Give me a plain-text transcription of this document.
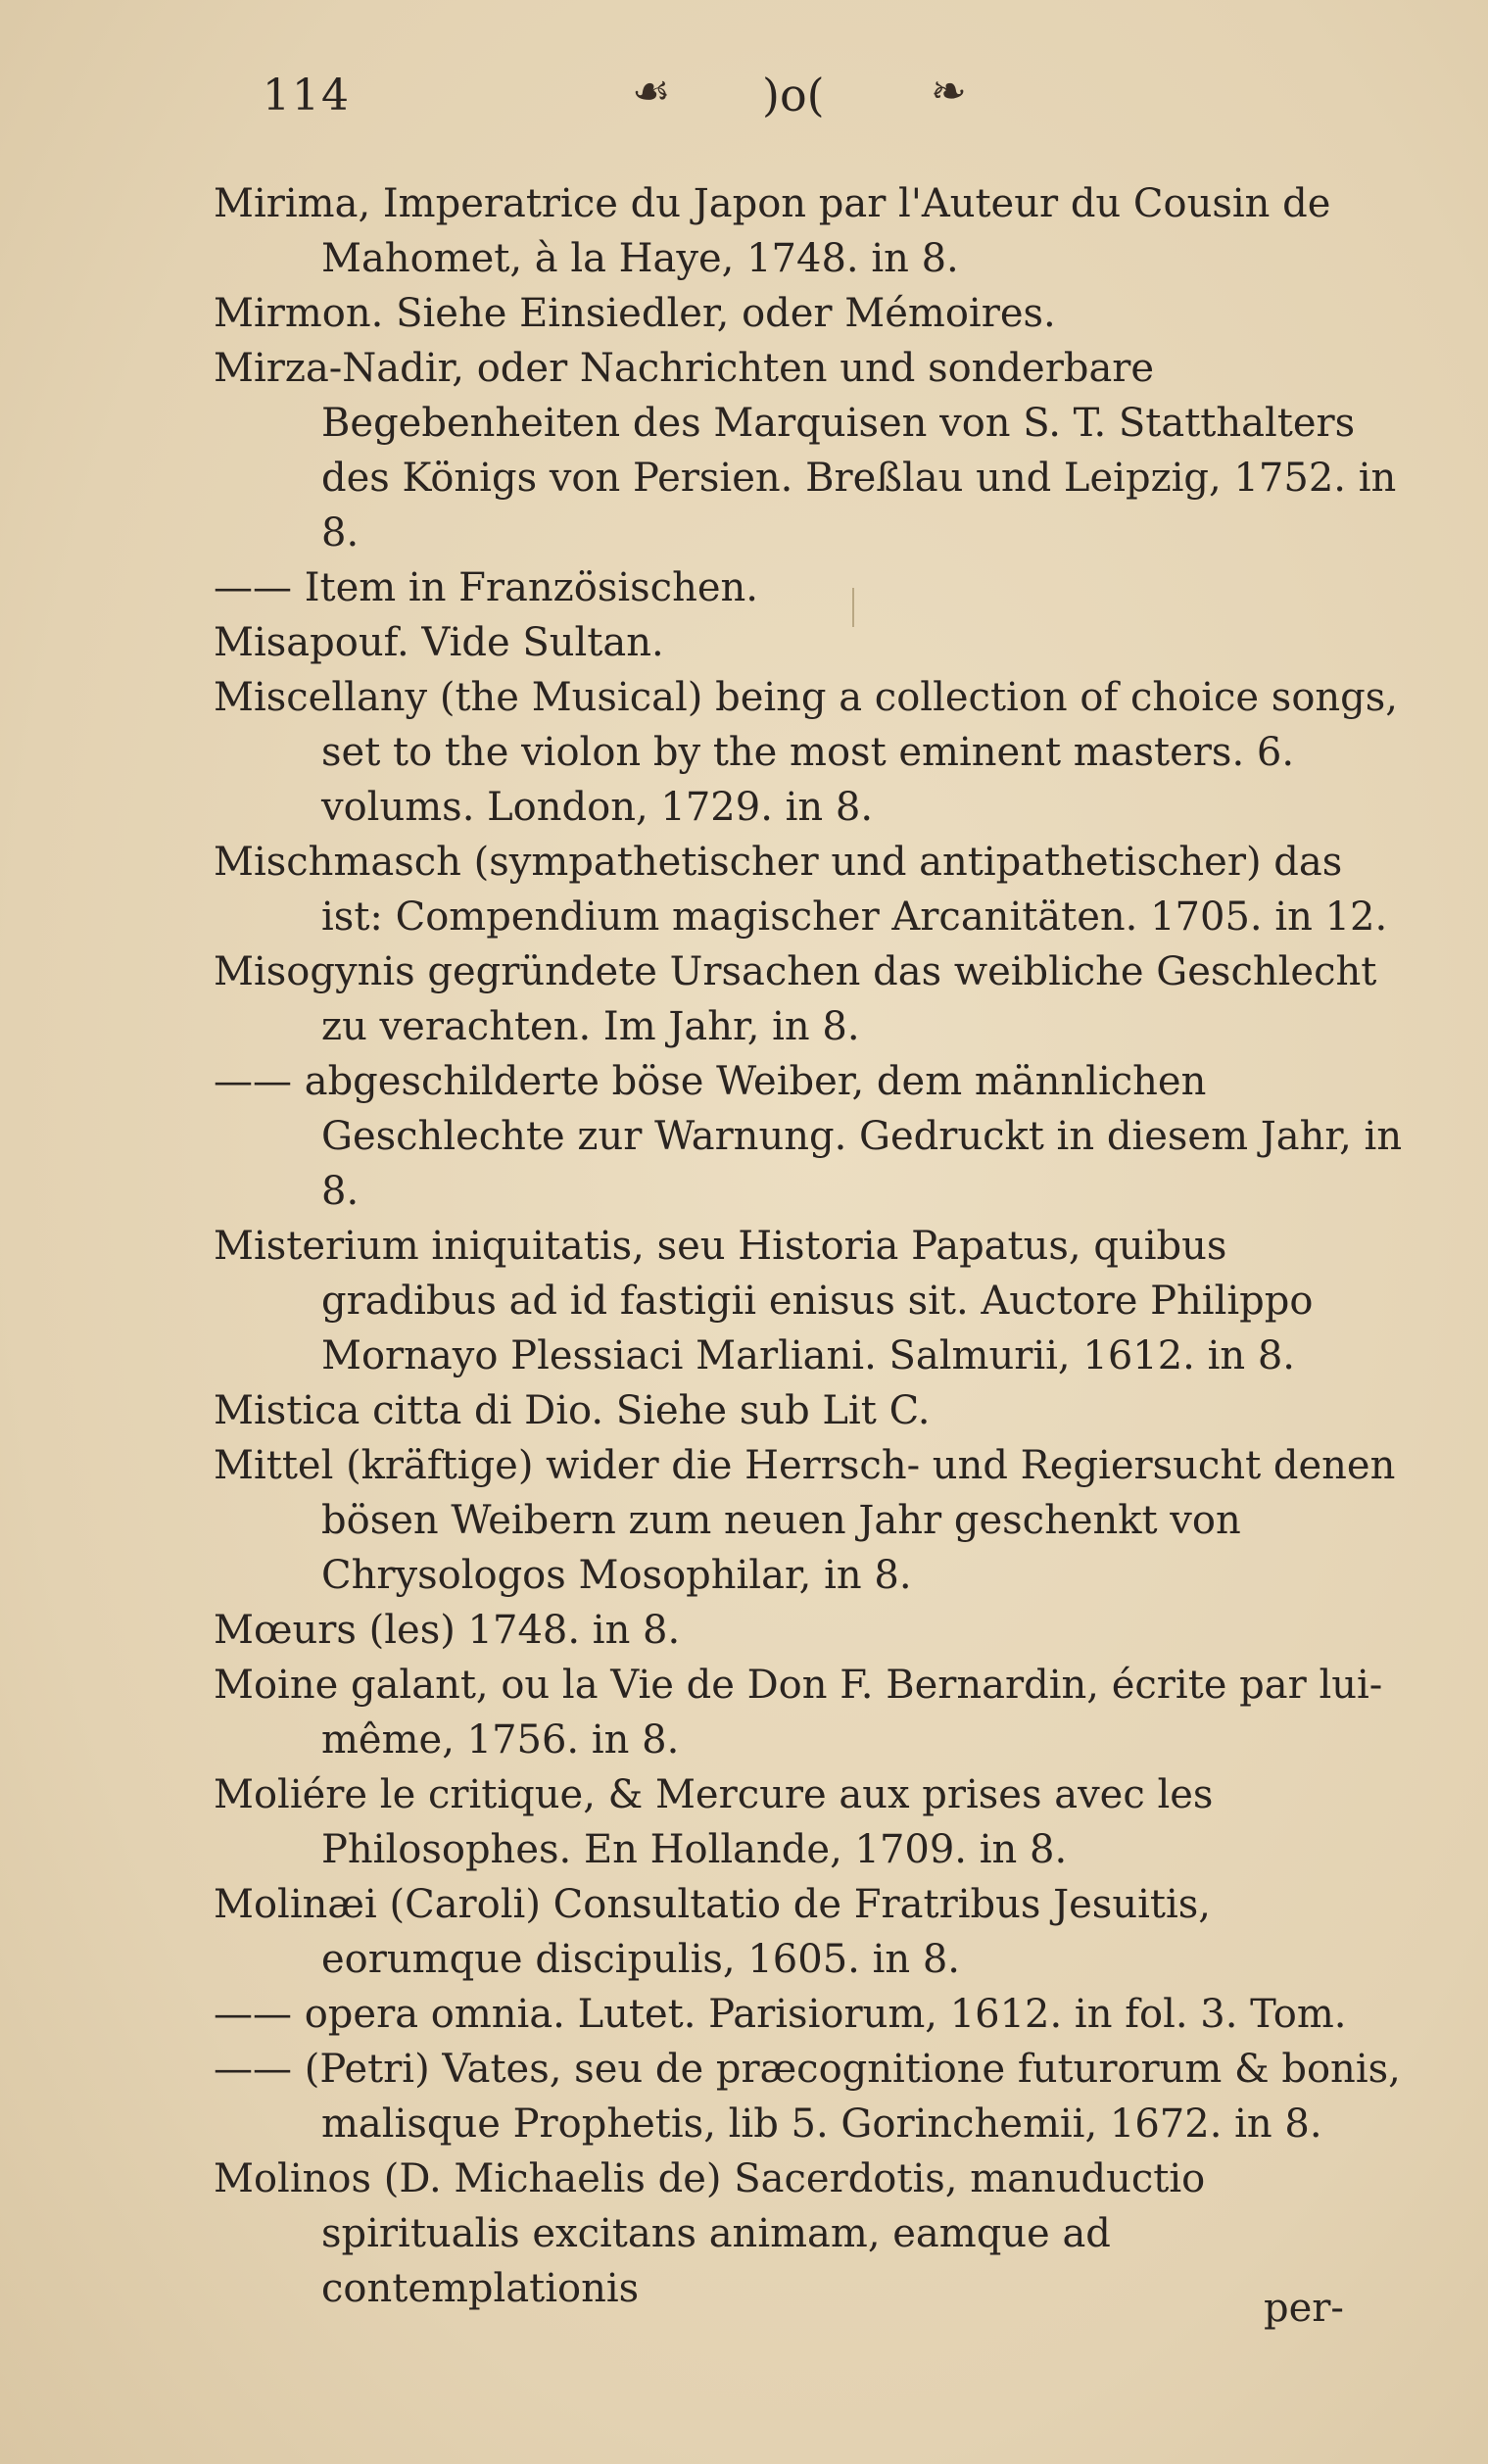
114	☙ )o( ❧

Mirima, Imperatrice du Japon par l'Auteur du Cousin de Mahomet, à la Haye, 1748. in 8.

Mirmon. Siehe Einsiedler, oder Mémoires.

Mirza-Nadir, oder Nachrichten und sonderbare Begebenheiten des Marquisen von S. T. Statthalters des Königs von Persien. Breßlau und Leipzig, 1752. in 8.

—— Item in Französischen.

Misapouf. Vide Sultan.

Miscellany (the Musical) being a collection of choice songs, set to the violon by the most eminent masters. 6. volums. London, 1729. in 8.

Mischmasch (sympathetischer und antipathetischer) das ist: Compendium magischer Arcanitäten. 1705. in 12.

Misogynis gegründete Ursachen das weibliche Geschlecht zu verachten. Im Jahr, in 8.

—— abgeschilderte böse Weiber, dem männlichen Geschlechte zur Warnung. Gedruckt in diesem Jahr, in 8.

Misterium iniquitatis, seu Historia Papatus, quibus gradibus ad id fastigii enisus sit. Auctore Philippo Mornayo Plessiaci Marliani. Salmurii, 1612. in 8.

Mistica citta di Dio. Siehe sub Lit C.

Mittel (kräftige) wider die Herrsch- und Regiersucht denen bösen Weibern zum neuen Jahr geschenkt von Chrysologos Mosophilar, in 8.

Mœurs (les) 1748. in 8.

Moine galant, ou la Vie de Don F. Bernardin, écrite par lui-même, 1756. in 8.

Moliére le critique, & Mercure aux prises avec les Philosophes. En Hollande, 1709. in 8.

Molinæi (Caroli) Consultatio de Fratribus Jesuitis, eorumque discipulis, 1605. in 8.

—— opera omnia. Lutet. Parisiorum, 1612. in fol. 3. Tom.

—— (Petri) Vates, seu de præcognitione futurorum & bonis, malisque Prophetis, lib 5. Gorinchemii, 1672. in 8.

Molinos (D. Michaelis de) Sacerdotis, manuductio spiritualis excitans animam, eamque ad contemplationis	per-
